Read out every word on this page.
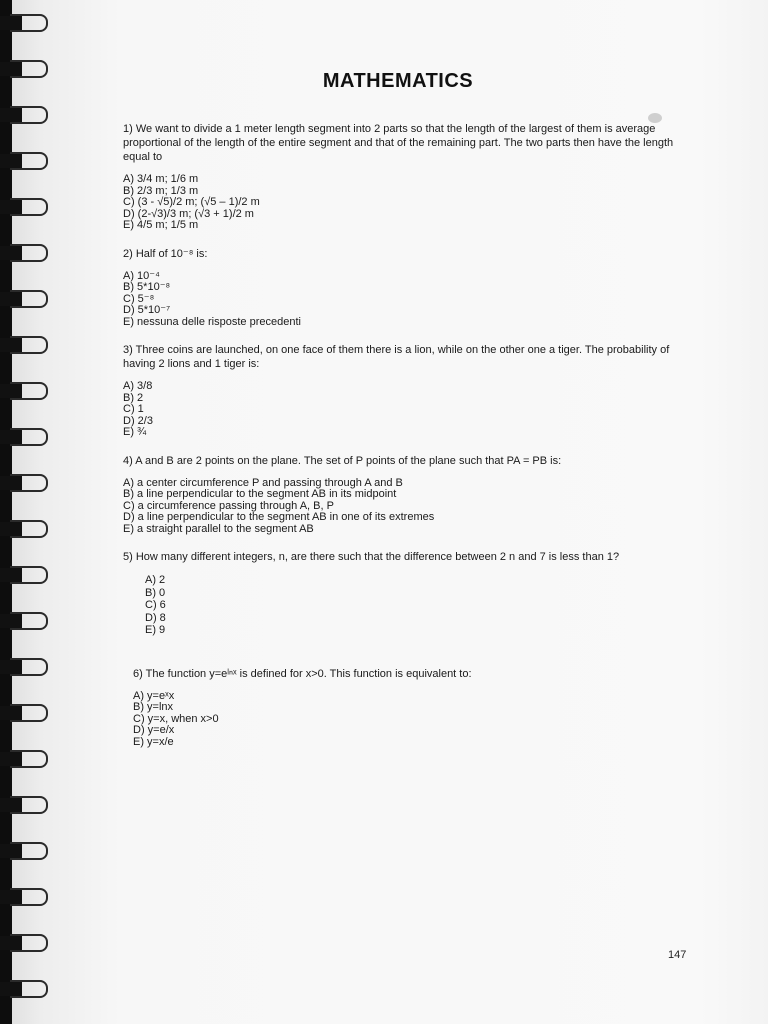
MATHEMATICS
1) We want to divide a 1 meter length segment into 2 parts so that the length of the largest of them is average proportional of the length of the entire segment and that of the remaining part. The two parts then have the length equal to
A) 3/4 m; 1/6 m
B) 2/3 m; 1/3 m
C) (3 - √5)/2 m; (√5 – 1)/2 m
D) (2-√3)/3 m; (√3 + 1)/2 m
E) 4/5 m; 1/5 m
2) Half of 10⁻⁸ is:
A) 10⁻⁴
B) 5*10⁻⁸
C) 5⁻⁸
D) 5*10⁻⁷
E) nessuna delle risposte precedenti
3) Three coins are launched, on one face of them there is a lion, while on the other one a tiger. The probability of having 2 lions and 1 tiger is:
A) 3/8
B) 2
C) 1
D) 2/3
E) ¾
4) A and B are 2 points on the plane. The set of P points of the plane such that PA = PB is:
A) a center circumference P and passing through A and B
B) a line perpendicular to the segment AB in its midpoint
C) a circumference passing through A, B, P
D) a line perpendicular to the segment AB in one of its extremes
E) a straight parallel to the segment AB
5) How many different integers, n, are there such that the difference between 2 n and 7 is less than 1?
A) 2
B) 0
C) 6
D) 8
E) 9
6) The function y=eˡⁿˣ is defined for x>0. This function is equivalent to:
A) y=eˣx
B) y=lnx
C) y=x, when x>0
D) y=e/x
E) y=x/e
147
